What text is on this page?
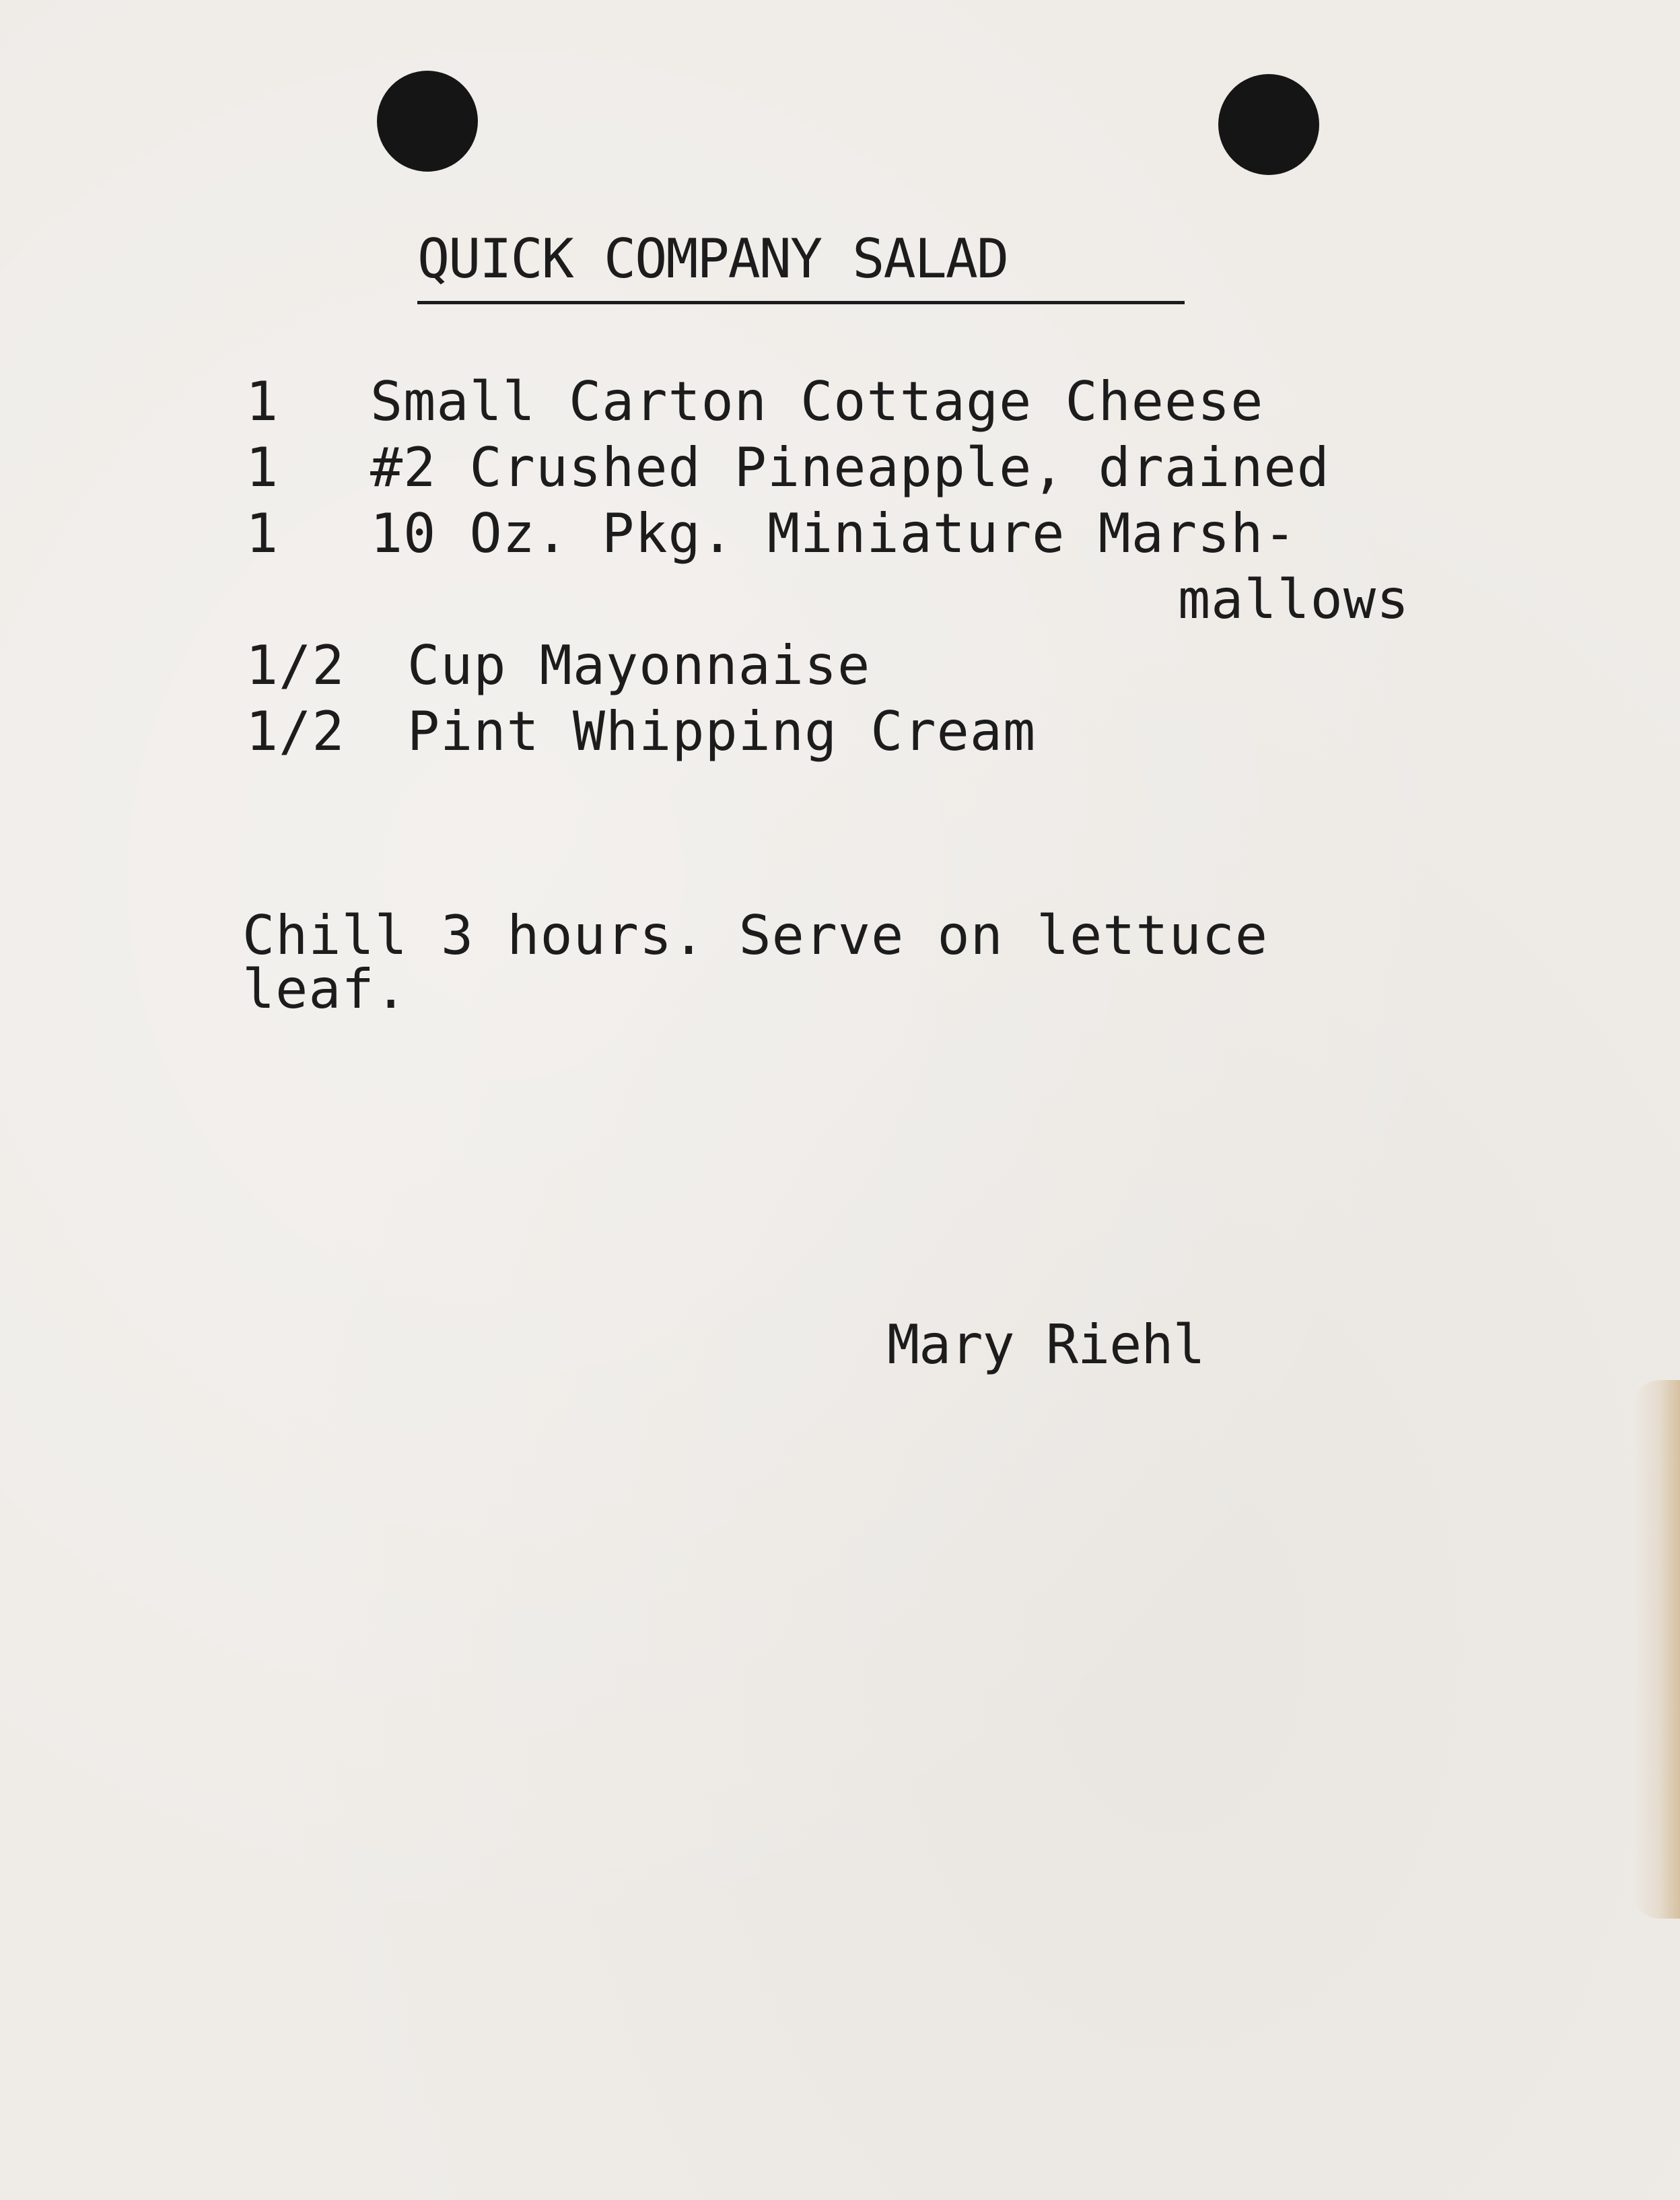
QUICK COMPANY SALAD
1 Small Carton Cottage Cheese
1 #2 Crushed Pineapple, drained
1 10 Oz. Pkg. Miniature Marsh-
mallows
1/2 Cup Mayonnaise
1/2 Pint Whipping Cream

Chill 3 hours. Serve on lettuce
leaf.

Mary Riehl
